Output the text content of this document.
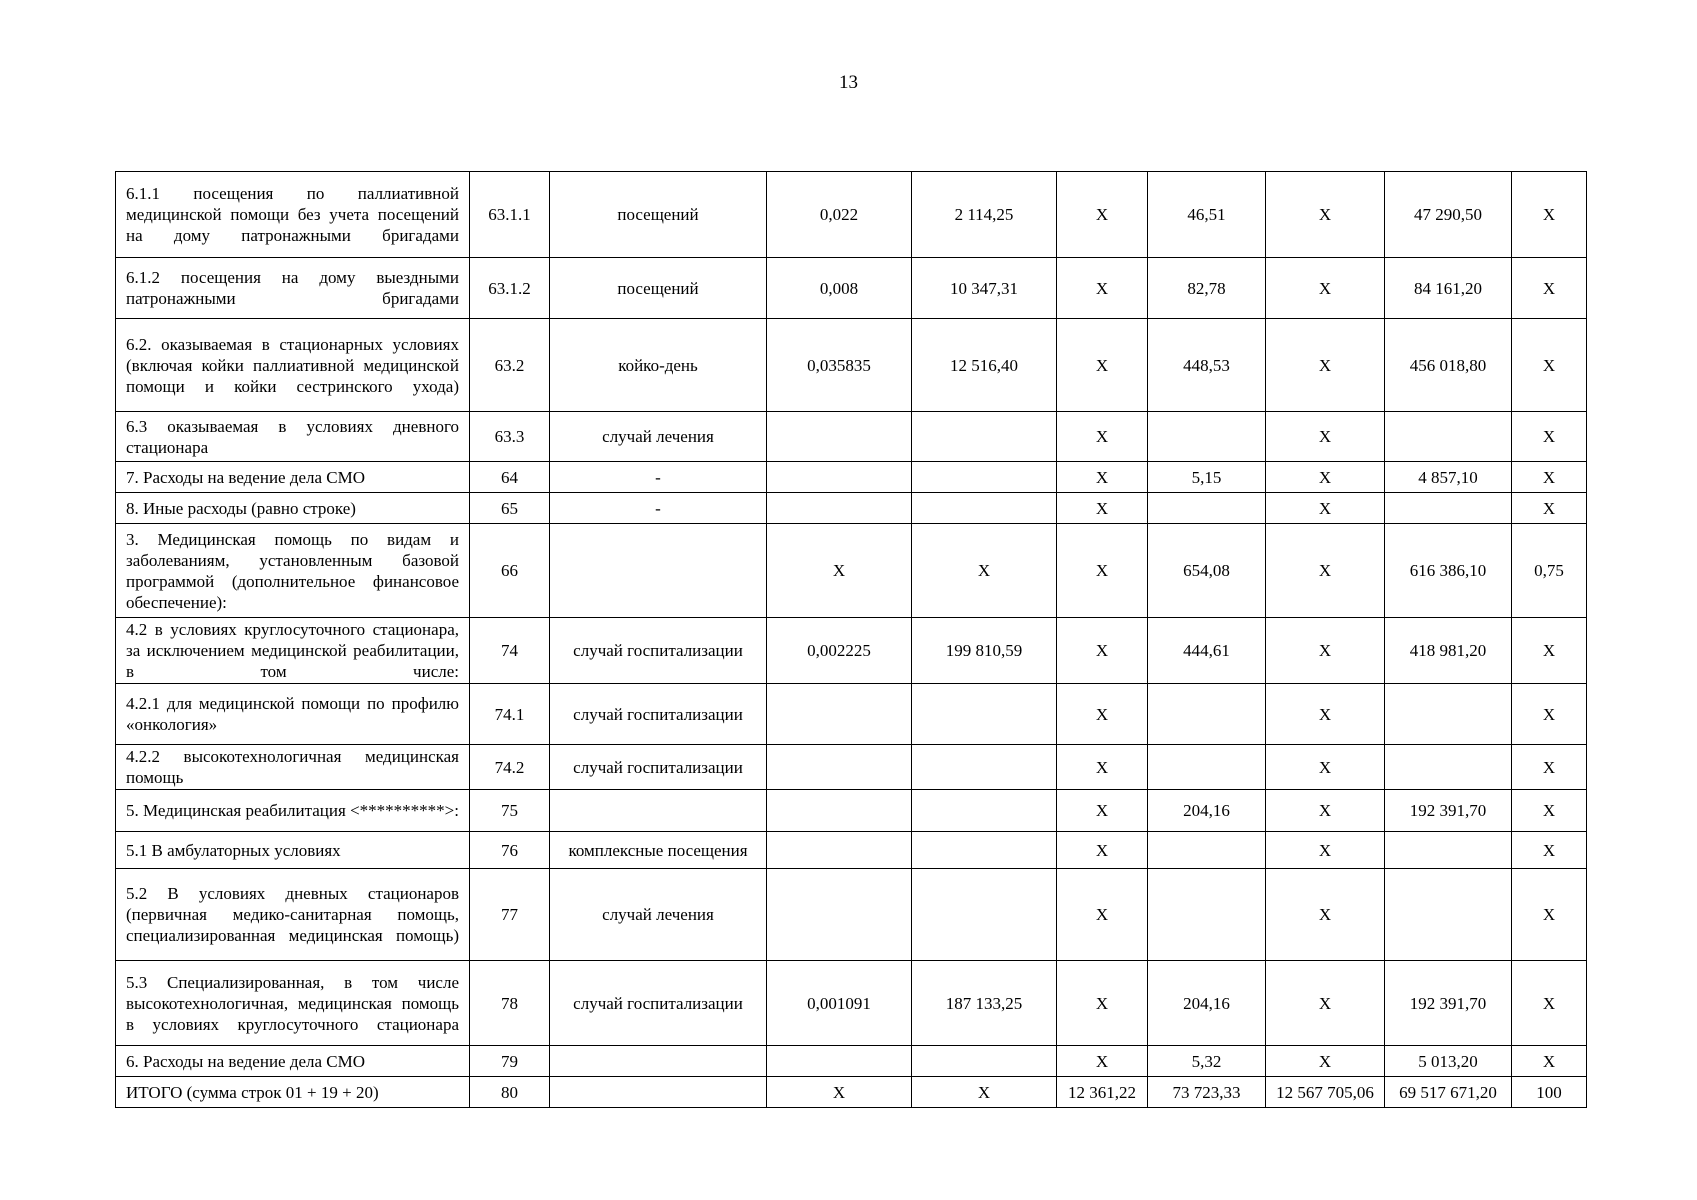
13
6.1.1 посещения по паллиативной медицинской помощи без учета посещений на дому патронажными бригадами	63.1.1	посещений	0,022	2 114,25	X	46,51	X	47 290,50	X
6.1.2 посещения на дому выездными патронажными бригадами	63.1.2	посещений	0,008	10 347,31	X	82,78	X	84 161,20	X
6.2. оказываемая в стационарных условиях (включая койки паллиативной медицинской помощи и койки сестринского ухода)	63.2	койко-день	0,035835	12 516,40	X	448,53	X	456 018,80	X
6.3 оказываемая в условиях дневного стационара	63.3	случай лечения			X		X		X
7. Расходы на ведение дела СМО	64	-			X	5,15	X	4 857,10	X
8. Иные расходы (равно строке)	65	-			X		X		X
3. Медицинская помощь по видам и заболеваниям, установленным базовой программой (дополнительное финансовое обеспечение):	66		X	X	X	654,08	X	616 386,10	0,75
4.2 в условиях круглосуточного стационара, за исключением медицинской реабилитации, в том числе:	74	случай госпитализации	0,002225	199 810,59	X	444,61	X	418 981,20	X
4.2.1 для медицинской помощи по профилю «онкология»	74.1	случай госпитализации			X		X		X
4.2.2 высокотехнологичная медицинская помощь	74.2	случай госпитализации			X		X		X
5. Медицинская реабилитация <**********>:	75				X	204,16	X	192 391,70	X
5.1 В амбулаторных условиях	76	комплексные посещения			X		X		X
5.2 В условиях дневных стационаров (первичная медико-санитарная помощь, специализированная медицинская помощь)	77	случай лечения			X		X		X
5.3 Специализированная, в том числе высокотехнологичная, медицинская помощь в условиях круглосуточного стационара	78	случай госпитализации	0,001091	187 133,25	X	204,16	X	192 391,70	X
6. Расходы на ведение дела СМО	79				X	5,32	X	5 013,20	X
ИТОГО (сумма строк 01 + 19 + 20)	80		X	X	12 361,22	73 723,33	12 567 705,06	69 517 671,20	100
